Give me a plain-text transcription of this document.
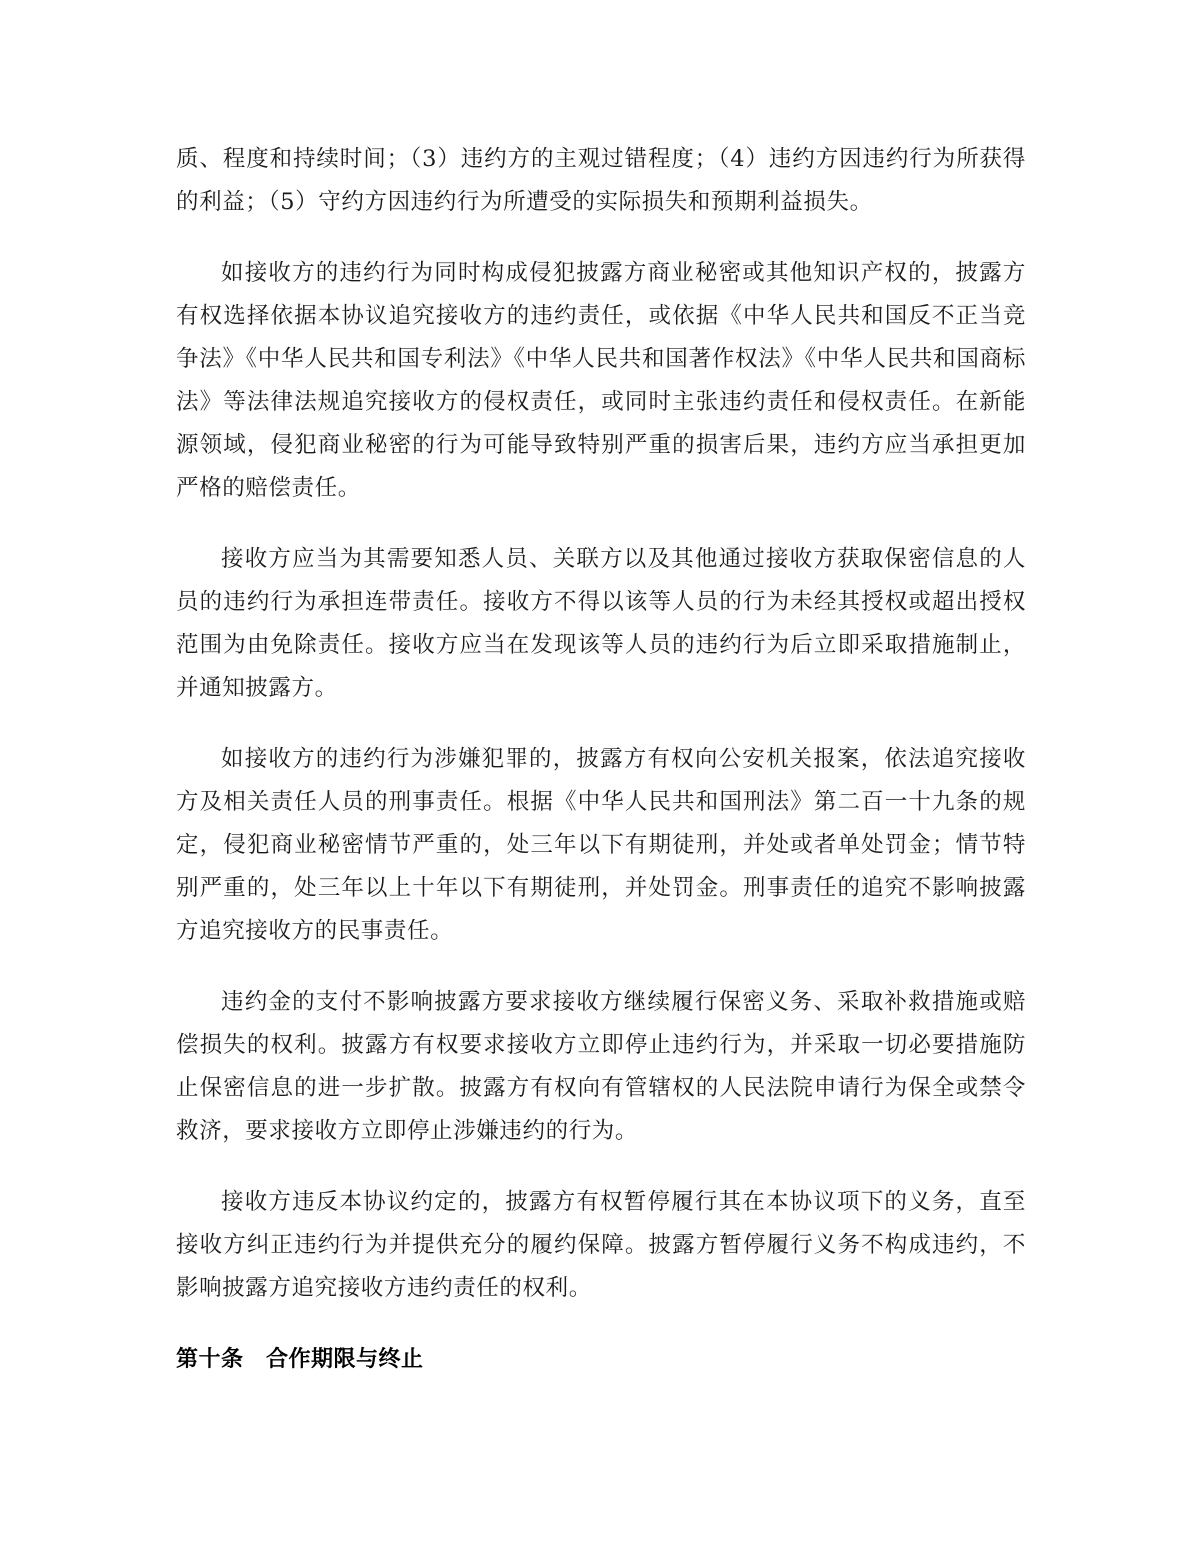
质、程度和持续时间；（3）违约方的主观过错程度；（4）违约方因违约行为所获得的利益；（5）守约方因违约行为所遭受的实际损失和预期利益损失。

如接收方的违约行为同时构成侵犯披露方商业秘密或其他知识产权的，披露方有权选择依据本协议追究接收方的违约责任，或依据《中华人民共和国反不正当竞争法》《中华人民共和国专利法》《中华人民共和国著作权法》《中华人民共和国商标法》等法律法规追究接收方的侵权责任，或同时主张违约责任和侵权责任。在新能源领域，侵犯商业秘密的行为可能导致特别严重的损害后果，违约方应当承担更加严格的赔偿责任。

接收方应当为其需要知悉人员、关联方以及其他通过接收方获取保密信息的人员的违约行为承担连带责任。接收方不得以该等人员的行为未经其授权或超出授权范围为由免除责任。接收方应当在发现该等人员的违约行为后立即采取措施制止，并通知披露方。

如接收方的违约行为涉嫌犯罪的，披露方有权向公安机关报案，依法追究接收方及相关责任人员的刑事责任。根据《中华人民共和国刑法》第二百一十九条的规定，侵犯商业秘密情节严重的，处三年以下有期徒刑，并处或者单处罚金；情节特别严重的，处三年以上十年以下有期徒刑，并处罚金。刑事责任的追究不影响披露方追究接收方的民事责任。

违约金的支付不影响披露方要求接收方继续履行保密义务、采取补救措施或赔偿损失的权利。披露方有权要求接收方立即停止违约行为，并采取一切必要措施防止保密信息的进一步扩散。披露方有权向有管辖权的人民法院申请行为保全或禁令救济，要求接收方立即停止涉嫌违约的行为。

接收方违反本协议约定的，披露方有权暂停履行其在本协议项下的义务，直至接收方纠正违约行为并提供充分的履约保障。披露方暂停履行义务不构成违约，不影响披露方追究接收方违约责任的权利。

第十条　合作期限与终止
